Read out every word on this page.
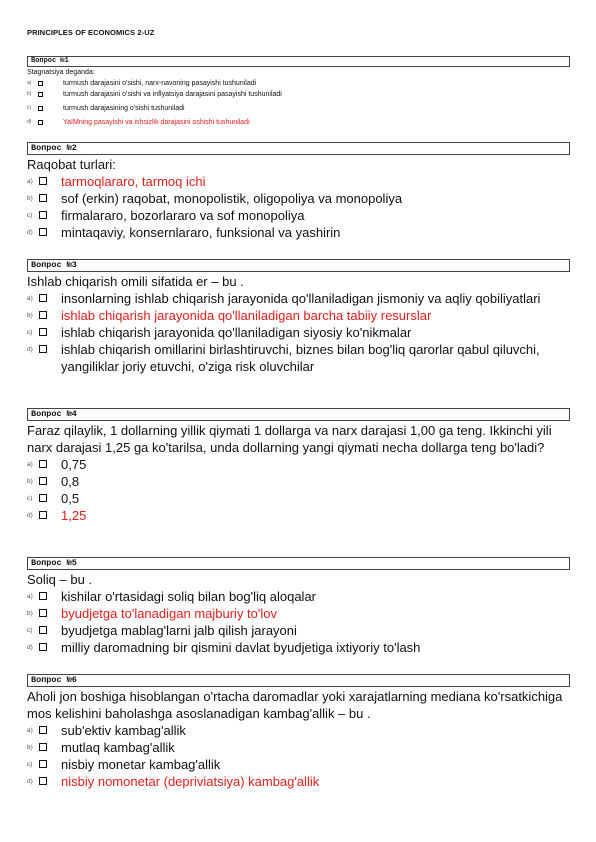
PRINCIPLES OF ECONOMICS 2-UZ
Вопрос №1
Stagnatsiya deganda:
a)	turmush darajasini o'sishi, narx-navoning pasayishi tushuniladi
b)	turmush darajasini o'sishi va inflyatsiya darajasini pasayishi tushuniladi
c)	turmush darajasining o'sishi tushuniladi
d)	YaIMning pasayishi va ishsizlik darajasini oshishi tushuniladi
Вопрос №2
Raqobat turlari:
a)	tarmoqlararo, tarmoq ichi
b)	sof (erkin) raqobat, monopolistik, oligopoliya va monopoliya
c)	firmalararo, bozorlararo va sof monopoliya
d)	mintaqaviy, konsernlararo, funksional va yashirin
Вопрос №3
Ishlab chiqarish omili sifatida er – bu .
a)	insonlarning ishlab chiqarish jarayonida qo'llaniladigan jismoniy va aqliy qobiliyatlari
b)	ishlab chiqarish jarayonida qo'llaniladigan barcha tabiiy resurslar
c)	ishlab chiqarish jarayonida qo'llaniladigan siyosiy ko'nikmalar
d)	ishlab chiqarish omillarini birlashtiruvchi, biznes bilan bog'liq qarorlar qabul qiluvchi, yangiliklar joriy etuvchi, o'ziga risk oluvchilar
Вопрос №4
Faraz qilaylik, 1 dollarning yillik qiymati 1 dollarga va narx darajasi 1,00 ga teng. Ikkinchi yili narx darajasi 1,25 ga ko'tarilsa, unda dollarning yangi qiymati necha dollarga teng bo'ladi?
a)	0,75
b)	0,8
c)	0,5
d)	1,25
Вопрос №5
Soliq – bu .
a)	kishilar o'rtasidagi soliq bilan bog'liq aloqalar
b)	byudjetga to'lanadigan majburiy to'lov
c)	byudjetga mablag'larni jalb qilish jarayoni
d)	milliy daromadning bir qismini davlat byudjetiga ixtiyoriy to'lash
Вопрос №6
Aholi jon boshiga hisoblangan o'rtacha daromadlar yoki xarajatlarning mediana ko'rsatkichiga mos kelishini baholashga asoslanadigan kambag'allik – bu .
a)	sub'ektiv kambag'allik
b)	mutlaq kambag'allik
c)	nisbiy monetar kambag'allik
d)	nisbiy nomonetar (depriviatsiya) kambag'allik
